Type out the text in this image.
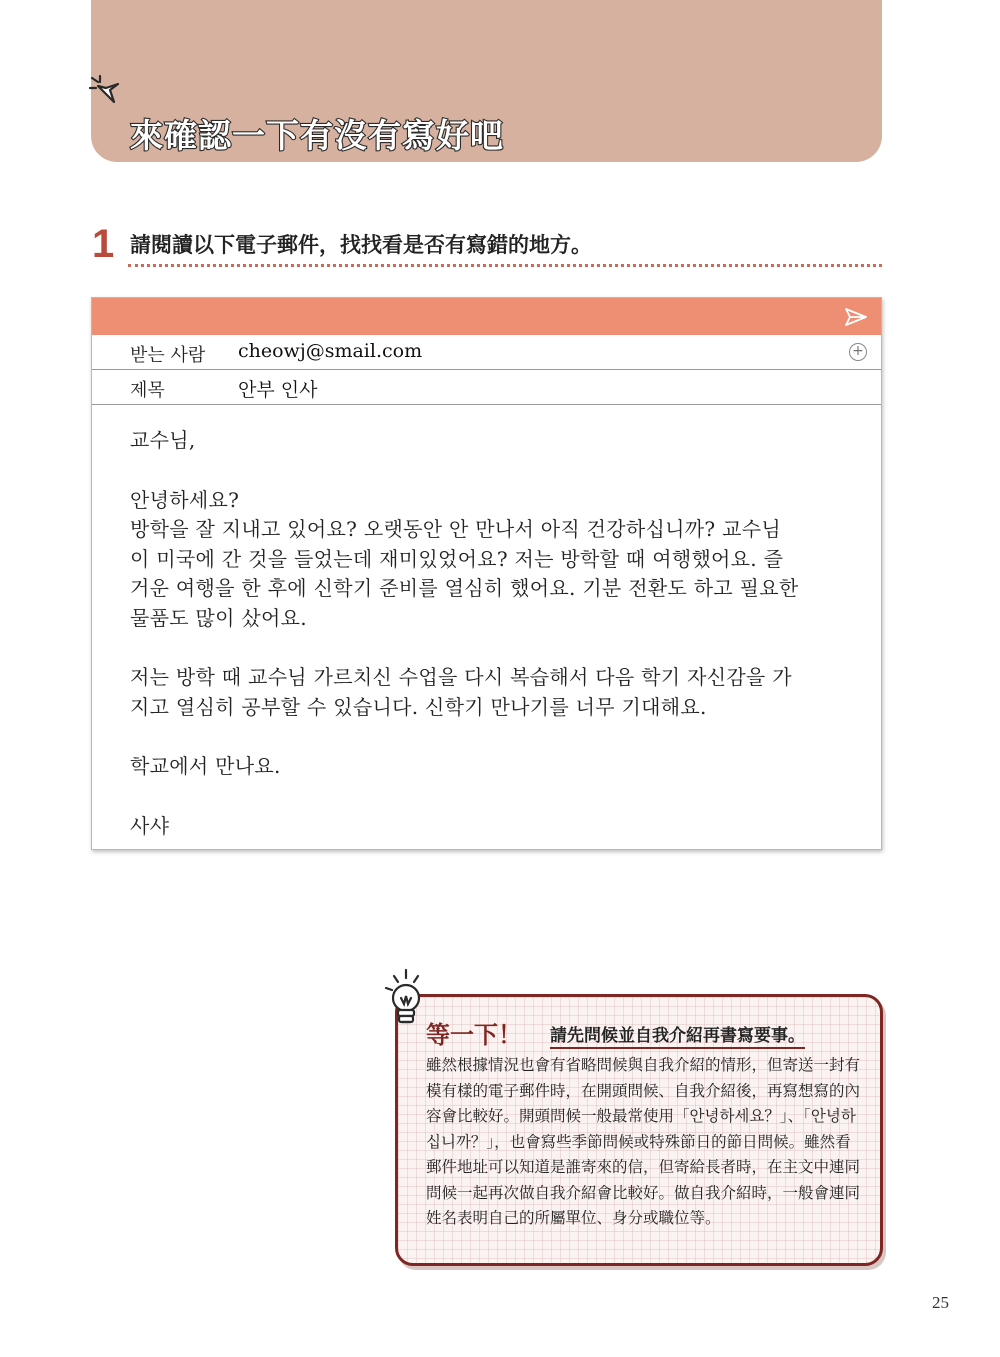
來確認一下有沒有寫好吧
1 請閱讀以下電子郵件，找找看是否有寫錯的地方。
받는 사람 cheowj@smail.com	+
제목	안부 인사

교수님,

안녕하세요?

방학을 잘 지내고 있어요? 오랫동안 안 만나서 아직 건강하십니까? 교수님

이 미국에 간 것을 들었는데 재미있었어요? 저는 방학할 때 여행했어요. 즐

거운 여행을 한 후에 신학기 준비를 열심히 했어요. 기분 전환도 하고 필요한

물품도 많이 샀어요.

저는 방학 때 교수님 가르치신 수업을 다시 복습해서 다음 학기 자신감을 가

지고 열심히 공부할 수 있습니다. 신학기 만나기를 너무 기대해요.

학교에서 만나요.

사샤

等一下！ 請先問候並自我介紹再書寫要事。

雖然根據情況也會有省略問候與自我介紹的情形，但寄送一封有模有樣的電子郵件時，在開頭問候、自我介紹後，再寫想寫的內容會比較好。開頭問候一般最常使用「안녕하세요？」、「안녕하십니까？」，也會寫些季節問候或特殊節日的節日問候。雖然看郵件地址可以知道是誰寄來的信，但寄給長者時，在主文中連同問候一起再次做自我介紹會比較好。做自我介紹時，一般會連同姓名表明自己的所屬單位、身分或職位等。

25
